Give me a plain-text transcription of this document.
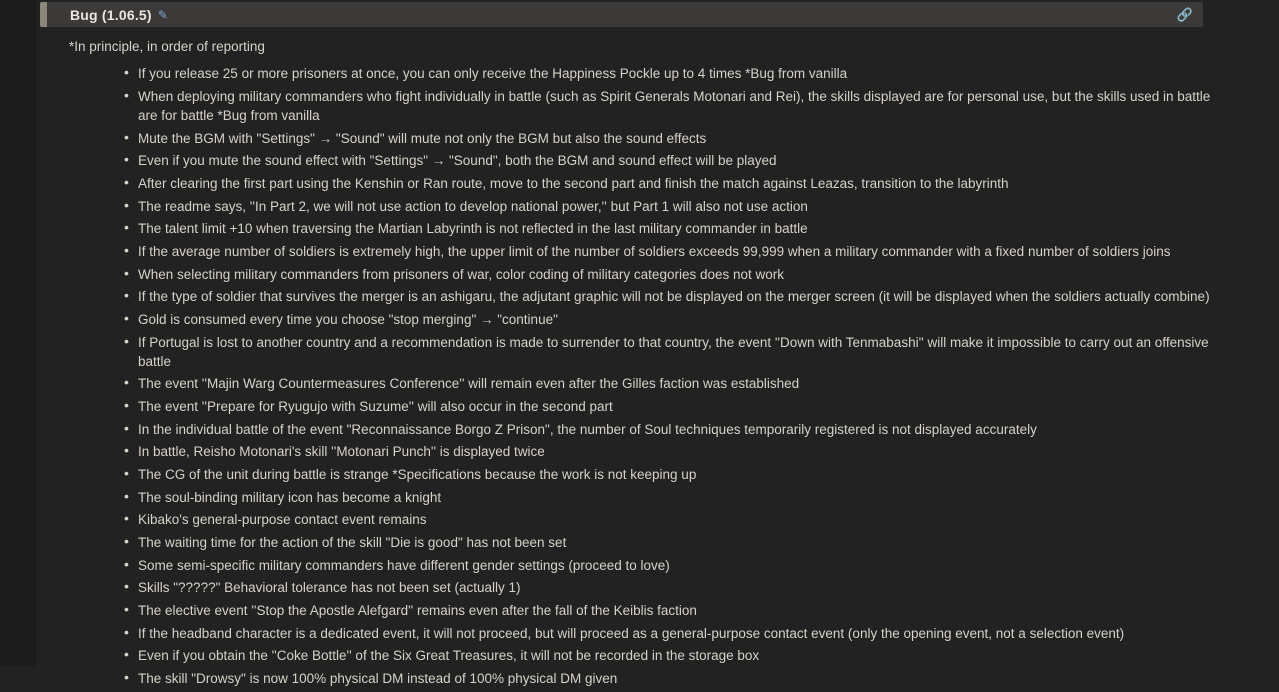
Bug (1.06.5) ✎	🔗
*In principle, in order of reporting
• If you release 25 or more prisoners at once, you can only receive the Happiness Pockle up to 4 times *Bug from vanilla
• When deploying military commanders who fight individually in battle (such as Spirit Generals Motonari and Rei), the skills displayed are for personal use, but the skills used in battle are for battle *Bug from vanilla
• Mute the BGM with "Settings" → "Sound" will mute not only the BGM but also the sound effects
• Even if you mute the sound effect with "Settings" → "Sound", both the BGM and sound effect will be played
• After clearing the first part using the Kenshin or Ran route, move to the second part and finish the match against Leazas, transition to the labyrinth
• The readme says, ''In Part 2, we will not use action to develop national power,'' but Part 1 will also not use action
• The talent limit +10 when traversing the Martian Labyrinth is not reflected in the last military commander in battle
• If the average number of soldiers is extremely high, the upper limit of the number of soldiers exceeds 99,999 when a military commander with a fixed number of soldiers joins
• When selecting military commanders from prisoners of war, color coding of military categories does not work
• If the type of soldier that survives the merger is an ashigaru, the adjutant graphic will not be displayed on the merger screen (it will be displayed when the soldiers actually combine)
• Gold is consumed every time you choose "stop merging" → "continue"
• If Portugal is lost to another country and a recommendation is made to surrender to that country, the event ''Down with Tenmabashi'' will make it impossible to carry out an offensive battle
• The event ''Majin Warg Countermeasures Conference'' will remain even after the Gilles faction was established
• The event ''Prepare for Ryugujo with Suzume'' will also occur in the second part
• In the individual battle of the event "Reconnaissance Borgo Z Prison", the number of Soul techniques temporarily registered is not displayed accurately
• In battle, Reisho Motonari's skill ''Motonari Punch'' is displayed twice
• The CG of the unit during battle is strange *Specifications because the work is not keeping up
• The soul-binding military icon has become a knight
• Kibako's general-purpose contact event remains
• The waiting time for the action of the skill "Die is good" has not been set
• Some semi-specific military commanders have different gender settings (proceed to love)
• Skills "?????" Behavioral tolerance has not been set (actually 1)
• The elective event ''Stop the Apostle Alefgard'' remains even after the fall of the Keiblis faction
• If the headband character is a dedicated event, it will not proceed, but will proceed as a general-purpose contact event (only the opening event, not a selection event)
• Even if you obtain the ''Coke Bottle'' of the Six Great Treasures, it will not be recorded in the storage box
• The skill "Drowsy" is now 100% physical DM instead of 100% physical DM given
